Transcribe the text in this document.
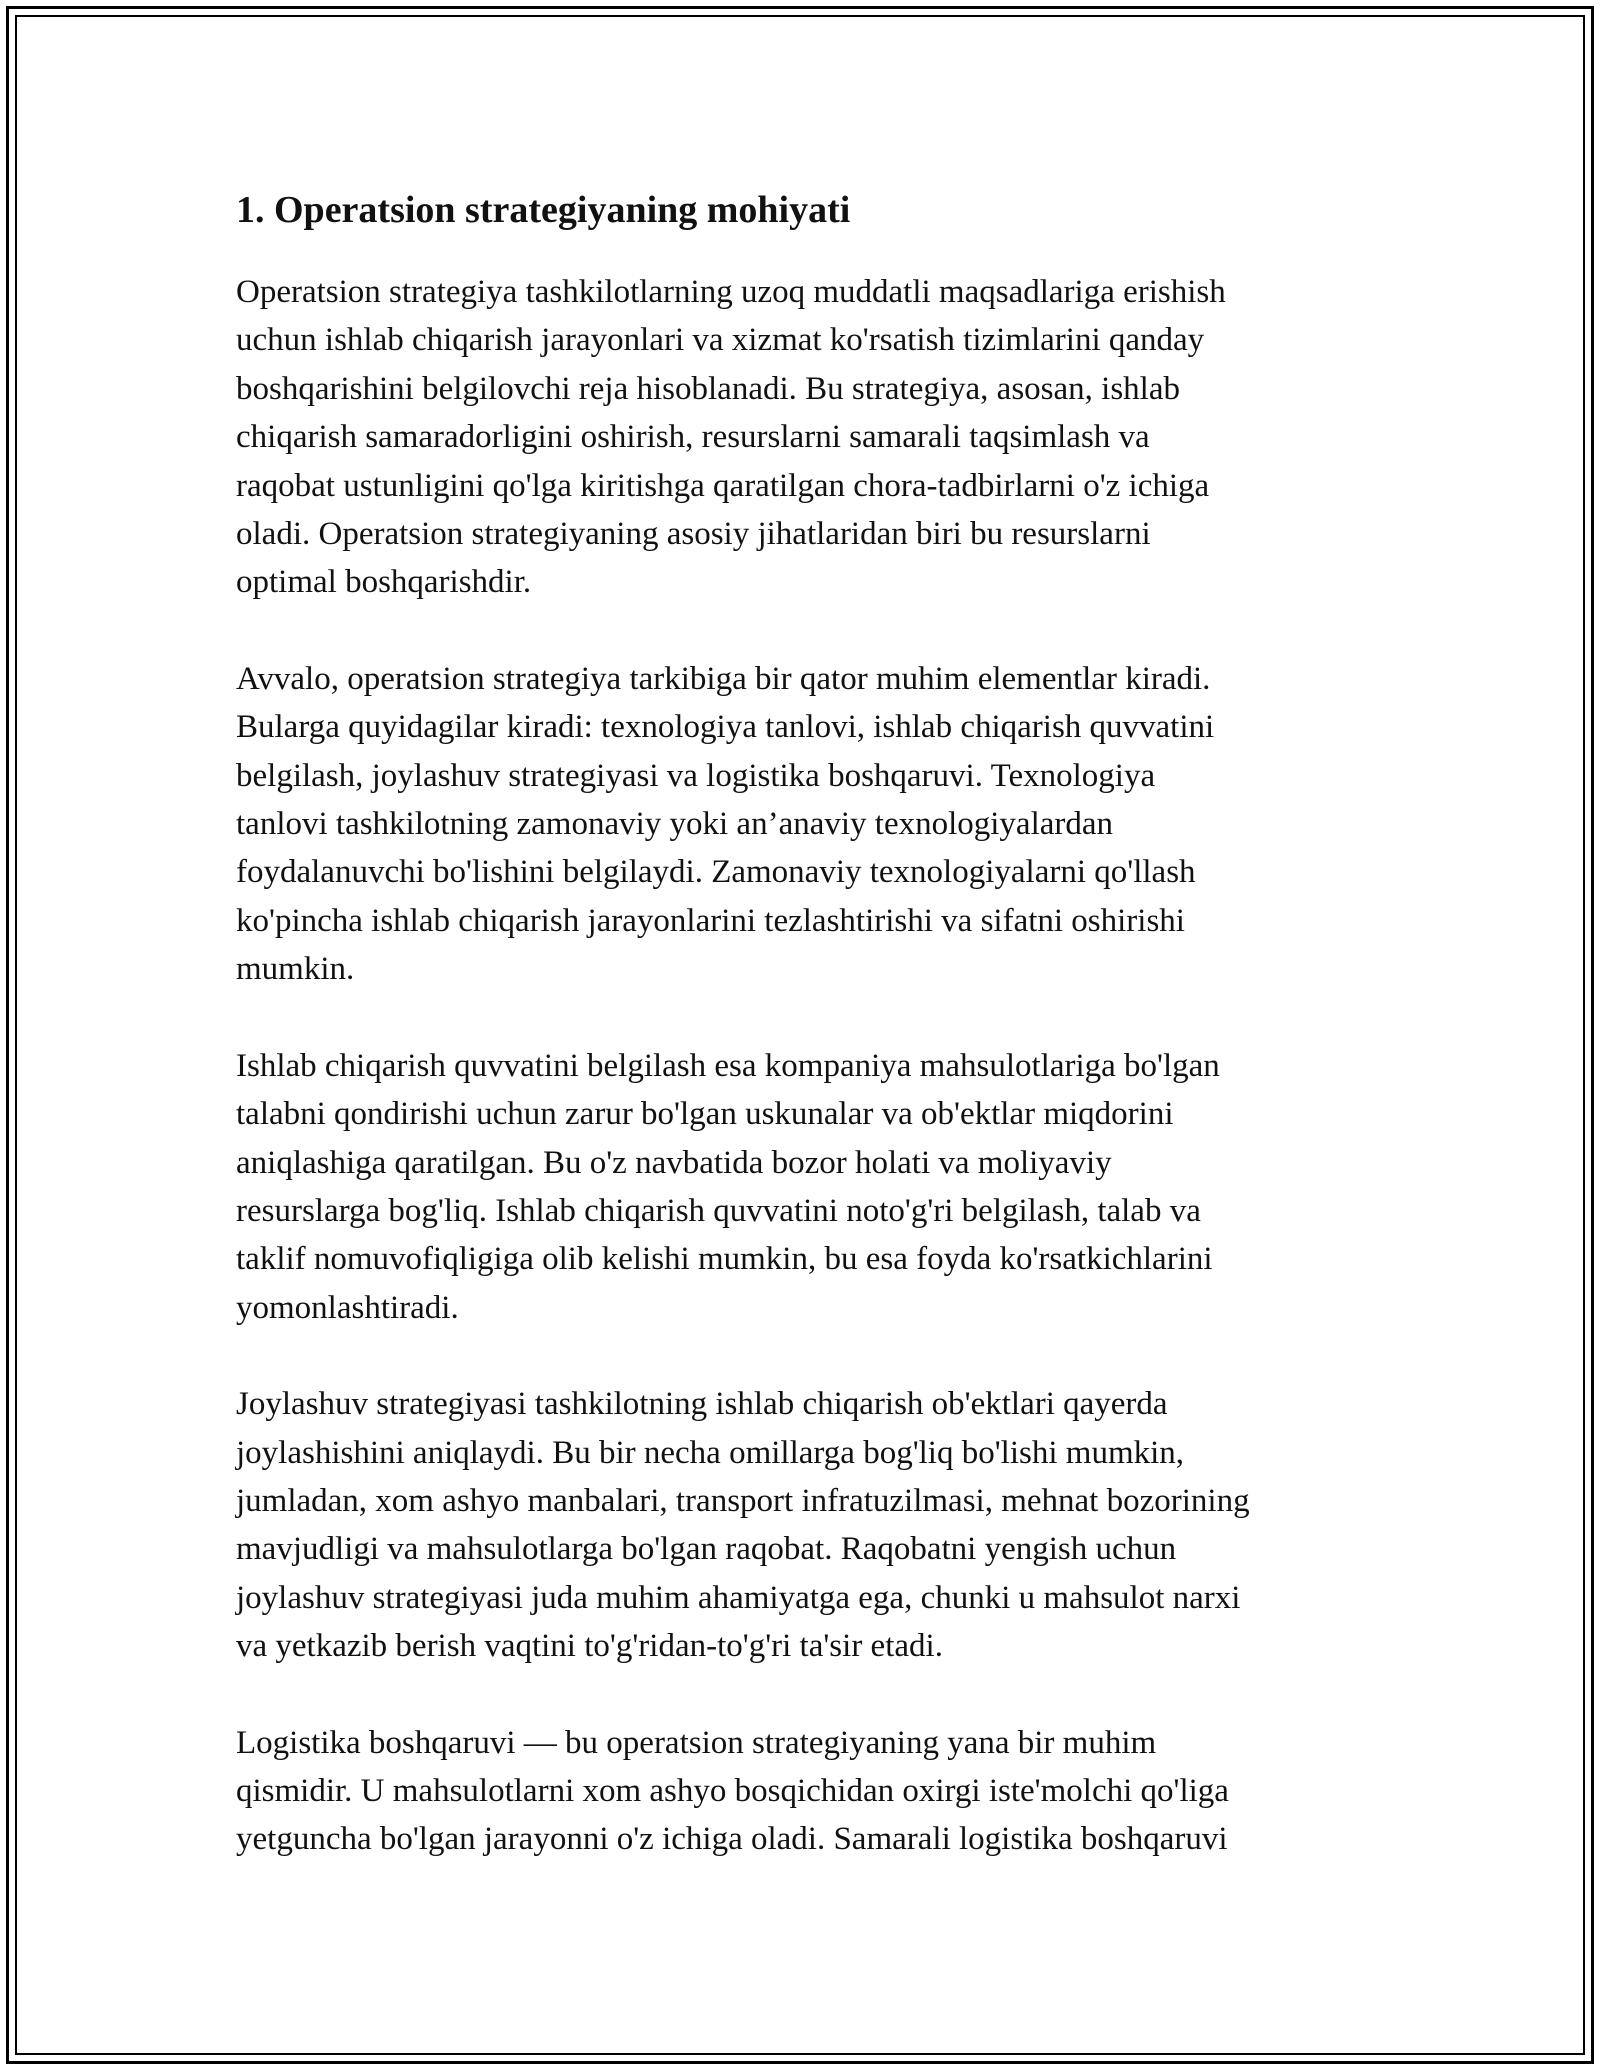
1. Operatsion strategiyaning mohiyati

Operatsion strategiya tashkilotlarning uzoq muddatli maqsadlariga erishish
uchun ishlab chiqarish jarayonlari va xizmat ko'rsatish tizimlarini qanday
boshqarishini belgilovchi reja hisoblanadi. Bu strategiya, asosan, ishlab
chiqarish samaradorligini oshirish, resurslarni samarali taqsimlash va
raqobat ustunligini qo'lga kiritishga qaratilgan chora-tadbirlarni o'z ichiga
oladi. Operatsion strategiyaning asosiy jihatlaridan biri bu resurslarni
optimal boshqarishdir.

Avvalo, operatsion strategiya tarkibiga bir qator muhim elementlar kiradi.
Bularga quyidagilar kiradi: texnologiya tanlovi, ishlab chiqarish quvvatini
belgilash, joylashuv strategiyasi va logistika boshqaruvi. Texnologiya
tanlovi tashkilotning zamonaviy yoki an’anaviy texnologiyalardan
foydalanuvchi bo'lishini belgilaydi. Zamonaviy texnologiyalarni qo'llash
ko'pincha ishlab chiqarish jarayonlarini tezlashtirishi va sifatni oshirishi
mumkin.

Ishlab chiqarish quvvatini belgilash esa kompaniya mahsulotlariga bo'lgan
talabni qondirishi uchun zarur bo'lgan uskunalar va ob'ektlar miqdorini
aniqlashiga qaratilgan. Bu o'z navbatida bozor holati va moliyaviy
resurslarga bog'liq. Ishlab chiqarish quvvatini noto'g'ri belgilash, talab va
taklif nomuvofiqligiga olib kelishi mumkin, bu esa foyda ko'rsatkichlarini
yomonlashtiradi.

Joylashuv strategiyasi tashkilotning ishlab chiqarish ob'ektlari qayerda
joylashishini aniqlaydi. Bu bir necha omillarga bog'liq bo'lishi mumkin,
jumladan, xom ashyo manbalari, transport infratuzilmasi, mehnat bozorining
mavjudligi va mahsulotlarga bo'lgan raqobat. Raqobatni yengish uchun
joylashuv strategiyasi juda muhim ahamiyatga ega, chunki u mahsulot narxi
va yetkazib berish vaqtini to'g'ridan-to'g'ri ta'sir etadi.

Logistika boshqaruvi — bu operatsion strategiyaning yana bir muhim
qismidir. U mahsulotlarni xom ashyo bosqichidan oxirgi iste'molchi qo'liga
yetguncha bo'lgan jarayonni o'z ichiga oladi. Samarali logistika boshqaruvi
